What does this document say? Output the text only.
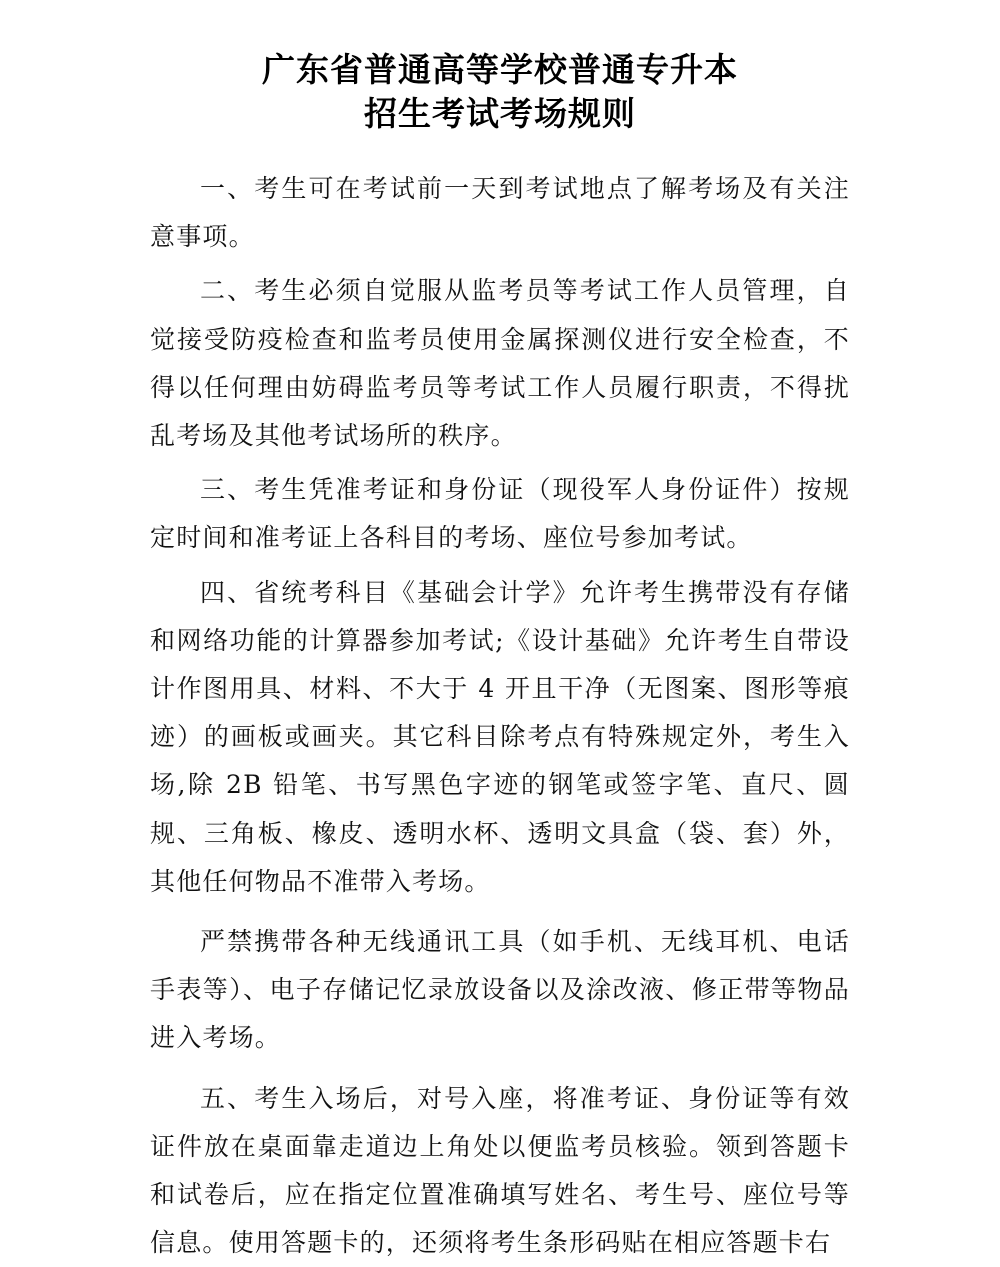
广东省普通高等学校普通专升本
招生考试考场规则

一、考生可在考试前一天到考试地点了解考场及有关注意事项。

二、考生必须自觉服从监考员等考试工作人员管理，自觉接受防疫检查和监考员使用金属探测仪进行安全检查，不得以任何理由妨碍监考员等考试工作人员履行职责，不得扰乱考场及其他考试场所的秩序。

三、考生凭准考证和身份证（现役军人身份证件）按规定时间和准考证上各科目的考场、座位号参加考试。

四、省统考科目《基础会计学》允许考生携带没有存储和网络功能的计算器参加考试;《设计基础》允许考生自带设计作图用具、材料、不大于 4 开且干净（无图案、图形等痕迹）的画板或画夹。其它科目除考点有特殊规定外，考生入场,除 2B 铅笔、书写黑色字迹的钢笔或签字笔、直尺、圆规、三角板、橡皮、透明水杯、透明文具盒（袋、套）外，其他任何物品不准带入考场。

严禁携带各种无线通讯工具（如手机、无线耳机、电话手表等）、电子存储记忆录放设备以及涂改液、修正带等物品进入考场。

五、考生入场后，对号入座，将准考证、身份证等有效证件放在桌面靠走道边上角处以便监考员核验。领到答题卡和试卷后，应在指定位置准确填写姓名、考生号、座位号等信息。使用答题卡的，还须将考生条形码贴在相应答题卡右
